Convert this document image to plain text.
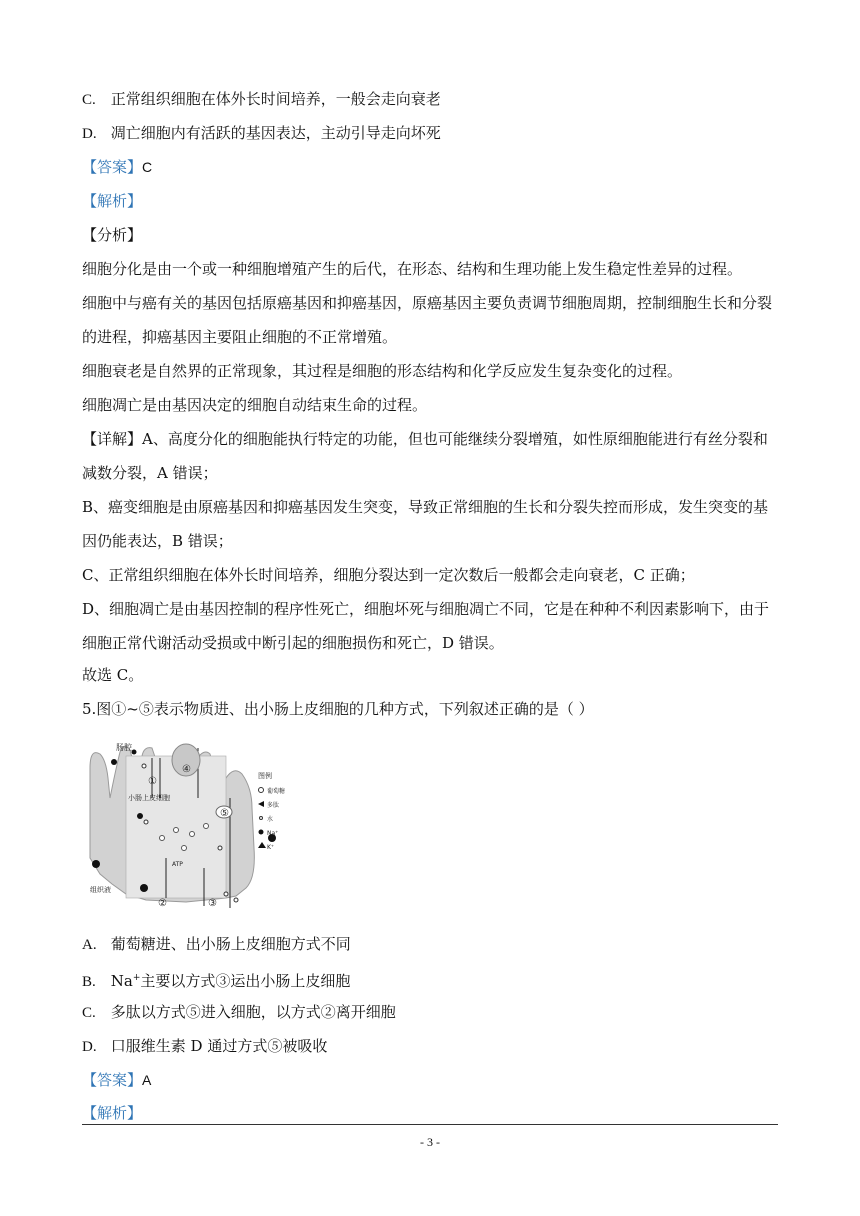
C. 正常组织细胞在体外长时间培养，一般会走向衰老
D. 凋亡细胞内有活跃的基因表达，主动引导走向坏死
【答案】C
【解析】
【分析】
细胞分化是由一个或一种细胞增殖产生的后代，在形态、结构和生理功能上发生稳定性差异的过程。
细胞中与癌有关的基因包括原癌基因和抑癌基因，原癌基因主要负责调节细胞周期，控制细胞生长和分裂
的进程，抑癌基因主要阻止细胞的不正常增殖。
细胞衰老是自然界的正常现象，其过程是细胞的形态结构和化学反应发生复杂变化的过程。
细胞凋亡是由基因决定的细胞自动结束生命的过程。
【详解】A、高度分化的细胞能执行特定的功能，但也可能继续分裂增殖，如性原细胞能进行有丝分裂和
减数分裂，A 错误；
B、癌变细胞是由原癌基因和抑癌基因发生突变，导致正常细胞的生长和分裂失控而形成，发生突变的基
因仍能表达，B 错误；
C、正常组织细胞在体外长时间培养，细胞分裂达到一定次数后一般都会走向衰老，C 正确；
D、细胞凋亡是由基因控制的程序性死亡，细胞坏死与细胞凋亡不同，它是在种种不利因素影响下，由于
细胞正常代谢活动受损或中断引起的细胞损伤和死亡，D 错误。
故选 C。
5.图①~⑤表示物质进、出小肠上皮细胞的几种方式，下列叙述正确的是（ ）
肠腔
小肠上皮细胞
组织液
ATP
①
②	③
④
⑤
图例
葡萄糖
多肽
水
Na⁺
K⁺
A. 葡萄糖进、出小肠上皮细胞方式不同
B. Na+主要以方式③运出小肠上皮细胞
C. 多肽以方式⑤进入细胞，以方式②离开细胞
D. 口服维生素 D 通过方式⑤被吸收
【答案】A
【解析】
- 3 -
